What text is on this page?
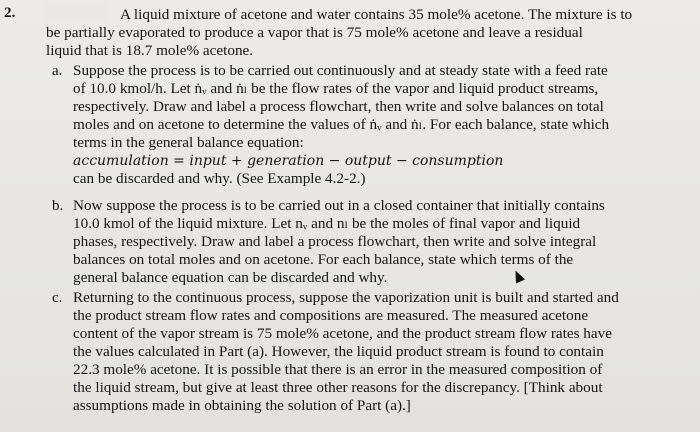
2.	A liquid mixture of acetone and water contains 35 mole% acetone. The mixture is to
be partially evaporated to produce a vapor that is 75 mole% acetone and leave a residual
liquid that is 18.7 mole% acetone.
a. Suppose the process is to be carried out continuously and at steady state with a feed rate
of 10.0 kmol/h. Let ṅᵥ and ṅₗ be the flow rates of the vapor and liquid product streams,
respectively. Draw and label a process flowchart, then write and solve balances on total
moles and on acetone to determine the values of ṅᵥ and ṅₗ. For each balance, state which
terms in the general balance equation:
accumulation = input + generation − output − consumption
can be discarded and why. (See Example 4.2-2.)
b. Now suppose the process is to be carried out in a closed container that initially contains
10.0 kmol of the liquid mixture. Let nᵥ and nₗ be the moles of final vapor and liquid
phases, respectively. Draw and label a process flowchart, then write and solve integral
balances on total moles and on acetone. For each balance, state which terms of the
general balance equation can be discarded and why.
c. Returning to the continuous process, suppose the vaporization unit is built and started and
the product stream flow rates and compositions are measured. The measured acetone
content of the vapor stream is 75 mole% acetone, and the product stream flow rates have
the values calculated in Part (a). However, the liquid product stream is found to contain
22.3 mole% acetone. It is possible that there is an error in the measured composition of
the liquid stream, but give at least three other reasons for the discrepancy. [Think about
assumptions made in obtaining the solution of Part (a).]
